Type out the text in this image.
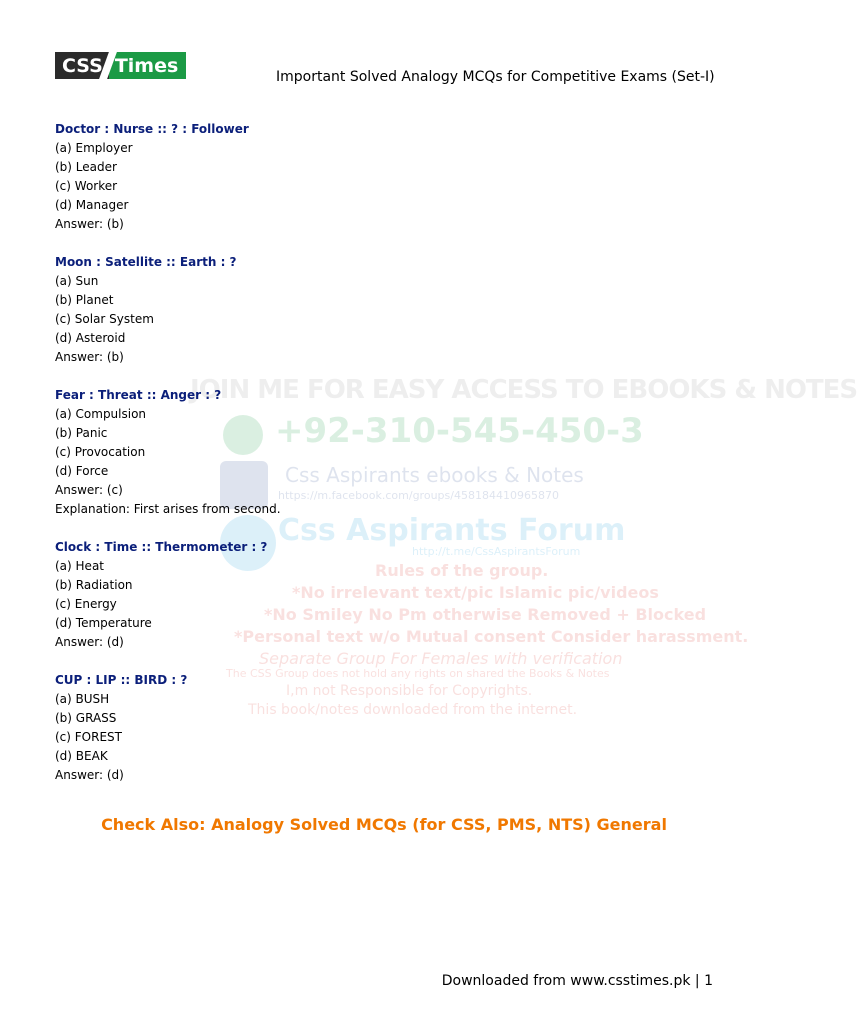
CSS Times	Important Solved Analogy MCQs for Competitive Exams (Set-I)
JOIN ME FOR EASY ACCESS TO EBOOKS & NOTES
+92-310-545-450-3
Css Aspirants ebooks & Notes
https://m.facebook.com/groups/458184410965870
Css Aspirants Forum
http://t.me/CssAspirantsForum
Rules of the group.
*No irrelevant text/pic Islamic pic/videos
*No Smiley No Pm otherwise Removed + Blocked
*Personal text w/o Mutual consent Consider harassment.
Separate Group For Females with verification
The CSS Group does not hold any rights on shared the Books & Notes
I,m not Responsible for Copyrights.
This book/notes downloaded from the internet.
Doctor : Nurse :: ? : Follower
(a) Employer
(b) Leader
(c) Worker
(d) Manager
Answer: (b)
Moon : Satellite :: Earth : ?
(a) Sun
(b) Planet
(c) Solar System
(d) Asteroid
Answer: (b)
Fear : Threat :: Anger : ?
(a) Compulsion
(b) Panic
(c) Provocation
(d) Force
Answer: (c)
Explanation: First arises from second.
Clock : Time :: Thermometer : ?
(a) Heat
(b) Radiation
(c) Energy
(d) Temperature
Answer: (d)
CUP : LIP :: BIRD : ?
(a) BUSH
(b) GRASS
(c) FOREST
(d) BEAK
Answer: (d)
Check Also: Analogy Solved MCQs (for CSS, PMS, NTS) General
Downloaded from www.csstimes.pk | 1
